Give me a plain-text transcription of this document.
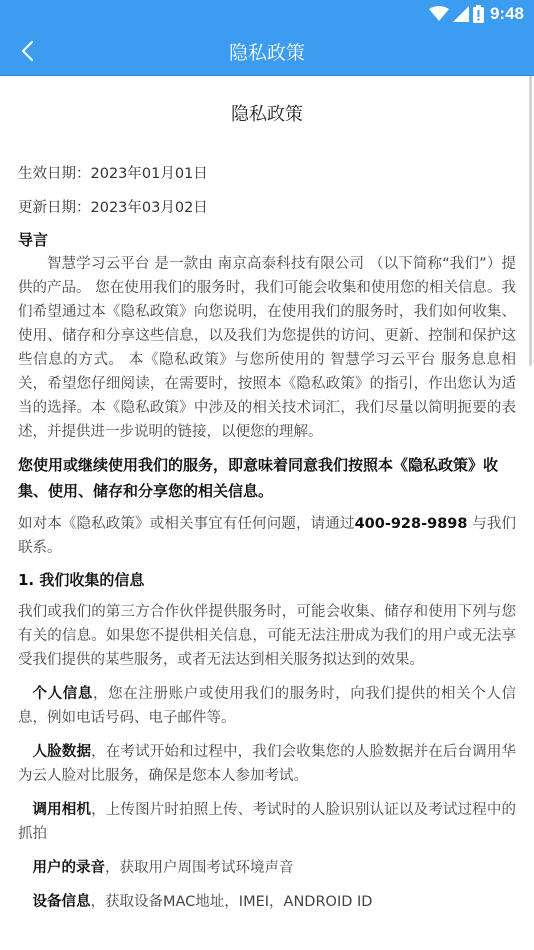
9:48
隐私政策
隐私政策
生效日期：2023年01月01日
更新日期：2023年03月02日
导言

智慧学习云平台 是一款由 南京高泰科技有限公司 （以下简称“我们”）提供的产品。 您在使用我们的服务时，我们可能会收集和使用您的相关信息。我们希望通过本《隐私政策》向您说明，在使用我们的服务时，我们如何收集、使用、储存和分享这些信息，以及我们为您提供的访问、更新、控制和保护这些信息的方式。 本《隐私政策》与您所使用的 智慧学习云平台 服务息息相关，希望您仔细阅读，在需要时，按照本《隐私政策》的指引，作出您认为适当的选择。本《隐私政策》中涉及的相关技术词汇，我们尽量以简明扼要的表述，并提供进一步说明的链接，以便您的理解。

您使用或继续使用我们的服务，即意味着同意我们按照本《隐私政策》收集、使用、储存和分享您的相关信息。

如对本《隐私政策》或相关事宜有任何问题，请通过400-928-9898 与我们联系。

1. 我们收集的信息

我们或我们的第三方合作伙伴提供服务时，可能会收集、储存和使用下列与您有关的信息。如果您不提供相关信息，可能无法注册成为我们的用户或无法享受我们提供的某些服务，或者无法达到相关服务拟达到的效果。

个人信息，您在注册账户或使用我们的服务时，向我们提供的相关个人信息，例如电话号码、电子邮件等。

人脸数据，在考试开始和过程中，我们会收集您的人脸数据并在后台调用华为云人脸对比服务，确保是您本人参加考试。

调用相机，上传图片时拍照上传、考试时的人脸识别认证以及考试过程中的 抓拍

用户的录音，获取用户周围考试环境声音

设备信息，获取设备MAC地址，IMEI，ANDROID ID
